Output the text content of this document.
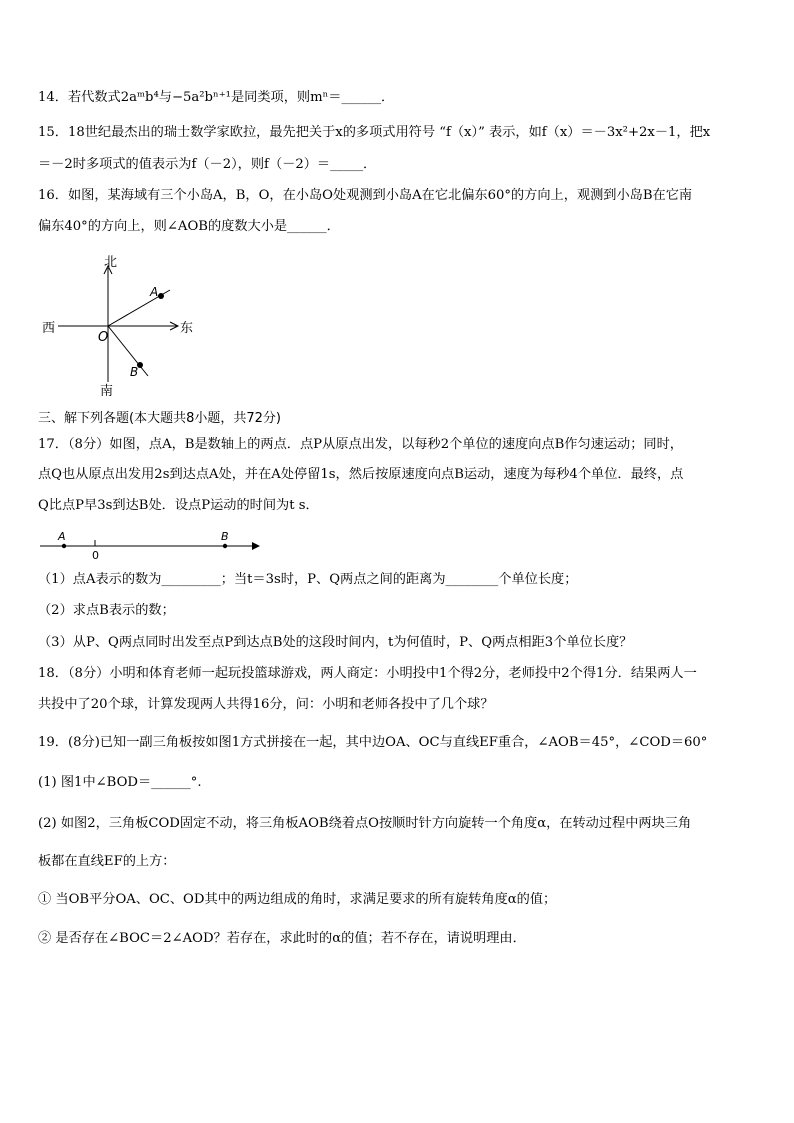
14．若代数式2aᵐb⁴与−5a²bⁿ⁺¹是同类项，则mⁿ＝______．
15．18世纪最杰出的瑞士数学家欧拉，最先把关于x的多项式用符号 “f（x）” 表示，如f（x）＝－3x²+2x－1，把x
＝－2时多项式的值表示为f（－2），则f（－2）＝_____．
16．如图，某海域有三个小岛A，B，O，在小岛O处观测到小岛A在它北偏东60°的方向上，观测到小岛B在它南
偏东40°的方向上，则∠AOB的度数大小是______．
北
南
西	东
O
A
B
三、解下列各题(本大题共8小题，共72分)
17．（8分）如图，点A，B是数轴上的两点．点P从原点出发，以每秒2个单位的速度向点B作匀速运动；同时，
点Q也从原点出发用2s到达点A处，并在A处停留1s，然后按原速度向点B运动，速度为每秒4个单位．最终，点
Q比点P早3s到达B处．设点P运动的时间为t s．
A
0
B
（1）点A表示的数为_________；当t＝3s时，P、Q两点之间的距离为________个单位长度；
（2）求点B表示的数；
（3）从P、Q两点同时出发至点P到达点B处的这段时间内，t为何值时，P、Q两点相距3个单位长度？
18．（8分）小明和体育老师一起玩投篮球游戏，两人商定：小明投中1个得2分，老师投中2个得1分．结果两人一
共投中了20个球，计算发现两人共得16分，问：小明和老师各投中了几个球？
19．(8分)已知一副三角板按如图1方式拼接在一起，其中边OA、OC与直线EF重合，∠AOB＝45°，∠COD＝60°
(1) 图1中∠BOD＝______°.
(2) 如图2，三角板COD固定不动，将三角板AOB绕着点O按顺时针方向旋转一个角度α，在转动过程中两块三角
板都在直线EF的上方：
① 当OB平分OA、OC、OD其中的两边组成的角时，求满足要求的所有旋转角度α的值；
② 是否存在∠BOC＝2∠AOD？若存在，求此时的α的值；若不存在，请说明理由．
